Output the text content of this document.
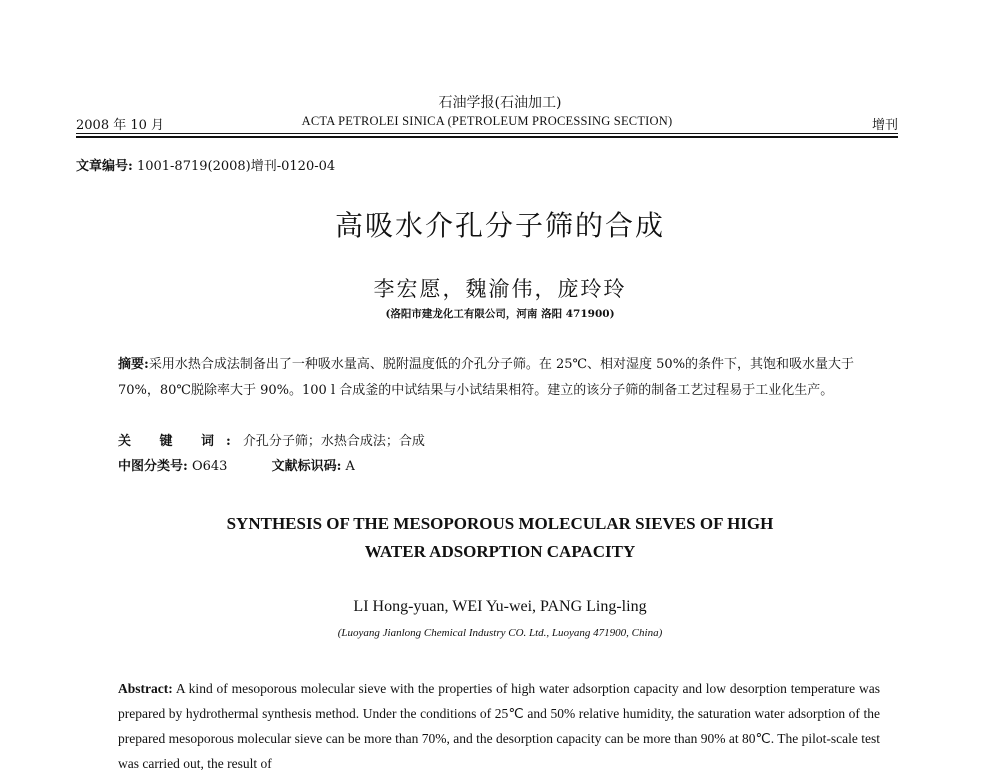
石油学报(石油加工)
2008 年 10 月	ACTA PETROLEI SINICA (PETROLEUM PROCESSING SECTION)	增刊
文章编号: 1001-8719(2008)增刊-0120-04
高吸水介孔分子筛的合成
李宏愿，魏渝伟，庞玲玲
(洛阳市建龙化工有限公司，河南 洛阳 471900)
摘要:采用水热合成法制备出了一种吸水量高、脱附温度低的介孔分子筛。在 25℃、相对湿度 50%的条件下，其饱和吸水量大于 70%，80℃脱除率大于 90%。100 l 合成釜的中试结果与小试结果相符。建立的该分子筛的制备工艺过程易于工业化生产。
关 键 词:介孔分子筛；水热合成法；合成
中图分类号: O643	文献标识码: A
SYNTHESIS OF THE MESOPOROUS MOLECULAR SIEVES OF HIGH
WATER ADSORPTION CAPACITY
LI Hong-yuan, WEI Yu-wei, PANG Ling-ling
(Luoyang Jianlong Chemical Industry CO. Ltd., Luoyang 471900, China)
Abstract: A kind of mesoporous molecular sieve with the properties of high water adsorption capacity and low desorption temperature was prepared by hydrothermal synthesis method. Under the conditions of 25℃ and 50% relative humidity, the saturation water adsorption of the prepared mesoporous molecular sieve can be more than 70%, and the desorption capacity can be more than 90% at 80℃. The pilot-scale test was carried out, the result of
